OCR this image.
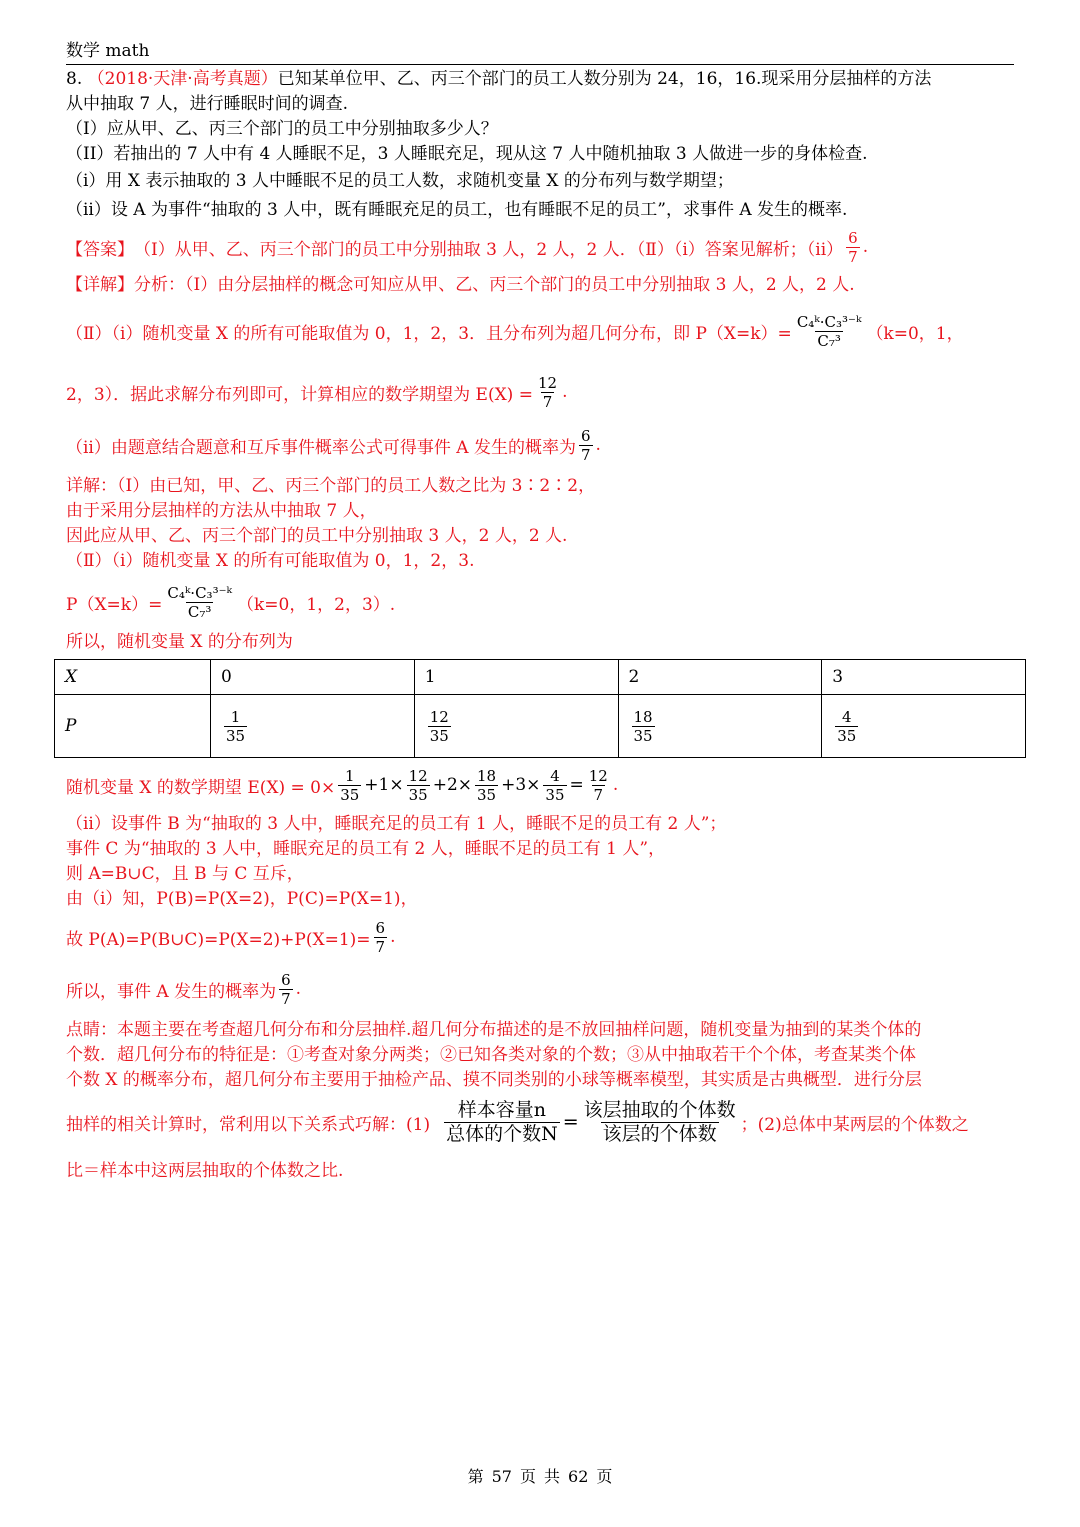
数学 math
8. （2018·天津·高考真题）已知某单位甲、乙、丙三个部门的员工人数分别为 24，16，16.现采用分层抽样的方法
从中抽取 7 人，进行睡眠时间的调查.
（I）应从甲、乙、丙三个部门的员工中分别抽取多少人？
（II）若抽出的 7 人中有 4 人睡眠不足，3 人睡眠充足，现从这 7 人中随机抽取 3 人做进一步的身体检查.
（i）用 X 表示抽取的 3 人中睡眠不足的员工人数，求随机变量 X 的分布列与数学期望；
（ii）设 A 为事件“抽取的 3 人中，既有睡眠充足的员工，也有睡眠不足的员工”，求事件 A 发生的概率.
【答案】 （Ⅰ）从甲、乙、丙三个部门的员工中分别抽取 3 人，2 人，2 人．（Ⅱ）（i）答案见解析；$(ii) \frac{6}{7}$ .
【详解】分析：（Ⅰ）由分层抽样的概念可知应从甲、乙、丙三个部门的员工中分别抽取 3 人，2 人，2 人.
（Ⅱ）（i）随机变量 X 的所有可能取值为 0，1，2，3．且分布列为超几何分布，即 $P(X=k)= \frac{\text{C₄ᵏ·C₃³⁻ᵏ}}{\text{C₇³}} (k=0$，1，
2，3）．据此求解分布列即可，计算相应的数学期望为 $E(X) = \frac{12}{7}$ .
（ii）由题意结合题意和互斥事件概率公式可得事件 A 发生的概率为 $\frac{6}{7}$ .
详解：（Ⅰ）由已知，甲、乙、丙三个部门的员工人数之比为 3∶2∶2，
由于采用分层抽样的方法从中抽取 7 人，
因此应从甲、乙、丙三个部门的员工中分别抽取 3 人，2 人，2 人.
（Ⅱ）（i）随机变量 X 的所有可能取值为 0，1，2，3.
$P(X=k)= \frac{\text{C₄ᵏ·C₃³⁻ᵏ}}{\text{C₇³}} (k=0$，1，2，3）.
所以，随机变量 X 的分布列为
X	0	1	2	3
P	$\frac{1}{35}$	$\frac{12}{35}$	$\frac{18}{35}$	$\frac{4}{35}$
随机变量 X 的数学期望 $E(X) = 0\times \frac{1}{35} +1\times \frac{12}{35} +2\times \frac{18}{35} +3\times \frac{4}{35} = \frac{12}{7}$ .
（ii）设事件 B 为“抽取的 3 人中，睡眠充足的员工有 1 人，睡眠不足的员工有 2 人”；
事件 C 为“抽取的 3 人中，睡眠充足的员工有 2 人，睡眠不足的员工有 1 人”，
则 A=B∪C，且 B 与 C 互斥，
由（i）知，P(B)=P(X=2)，P(C)=P(X=1)，
故 P(A)=P(B∪C)=P(X=2)+P(X=1)= $\frac{6}{7}$ .
所以，事件 A 发生的概率为 $\frac{6}{7}$ .
点睛：本题主要在考查超几何分布和分层抽样.超几何分布描述的是不放回抽样问题，随机变量为抽到的某类个体的
个数．超几何分布的特征是：①考查对象分两类；②已知各类对象的个数；③从中抽取若干个个体，考查某类个体
个数 X 的概率分布，超几何分布主要用于抽检产品、摸不同类别的小球等概率模型，其实质是古典概型．进行分层
抽样的相关计算时，常利用以下关系式巧解：$(1) \frac{\text{样本容量n}}{\text{总体的个数N}} = \frac{\text{该层抽取的个体数}}{\text{该层的个体数}}$ ；(2)总体中某两层的个体数之
比＝样本中这两层抽取的个体数之比.
第 57 页 共 62 页
